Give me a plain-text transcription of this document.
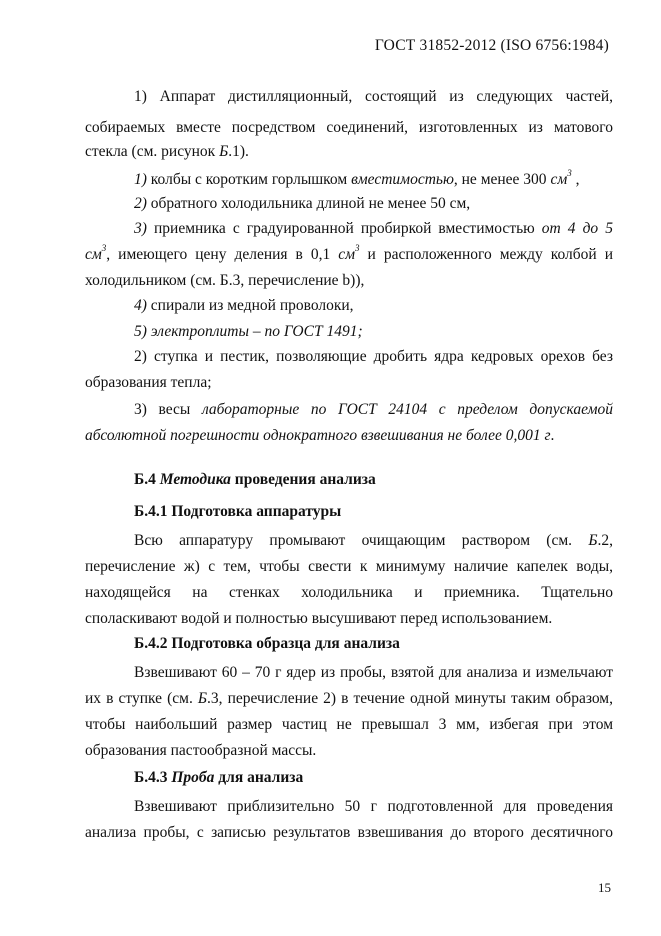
ГОСТ 31852-2012 (ISO 6756:1984)
1) Аппарат дистилляционный, состоящий из следующих частей,
собираемых вместе посредством соединений, изготовленных из матового
стекла (см. рисунок Б.1).
1) колбы с коротким горлышком вместимостью, не менее 300 $см^3$ ,
2) обратного холодильника длиной не менее 50 см,
3) приемника с градуированной пробиркой вместимостью от 4 до 5
$см^3$, имеющего цену деления в 0,1 $см^3$ и расположенного между колбой и
холодильником (см. Б.3, перечисление b)),
4) спирали из медной проволоки,
5) электроплиты – по ГОСТ 1491;
2) ступка и пестик, позволяющие дробить ядра кедровых орехов без
образования тепла;
3) весы лабораторные по ГОСТ 24104 с пределом допускаемой
абсолютной погрешности однократного взвешивания не более 0,001 г.
Б.4 Методика проведения анализа
Б.4.1 Подготовка аппаратуры
Всю аппаратуру промывают очищающим раствором (см. Б.2,
перечисление ж) с тем, чтобы свести к минимуму наличие капелек воды,
находящейся на стенках холодильника и приемника. Тщательно
споласкивают водой и полностью высушивают перед использованием.
Б.4.2 Подготовка образца для анализа
Взвешивают 60 – 70 г ядер из пробы, взятой для анализа и измельчают
их в ступке (см. Б.3, перечисление 2) в течение одной минуты таким образом,
чтобы наибольший размер частиц не превышал 3 мм, избегая при этом
образования пастообразной массы.
Б.4.3 Проба для анализа
Взвешивают приблизительно 50 г подготовленной для проведения
анализа пробы, с записью результатов взвешивания до второго десятичного
15
